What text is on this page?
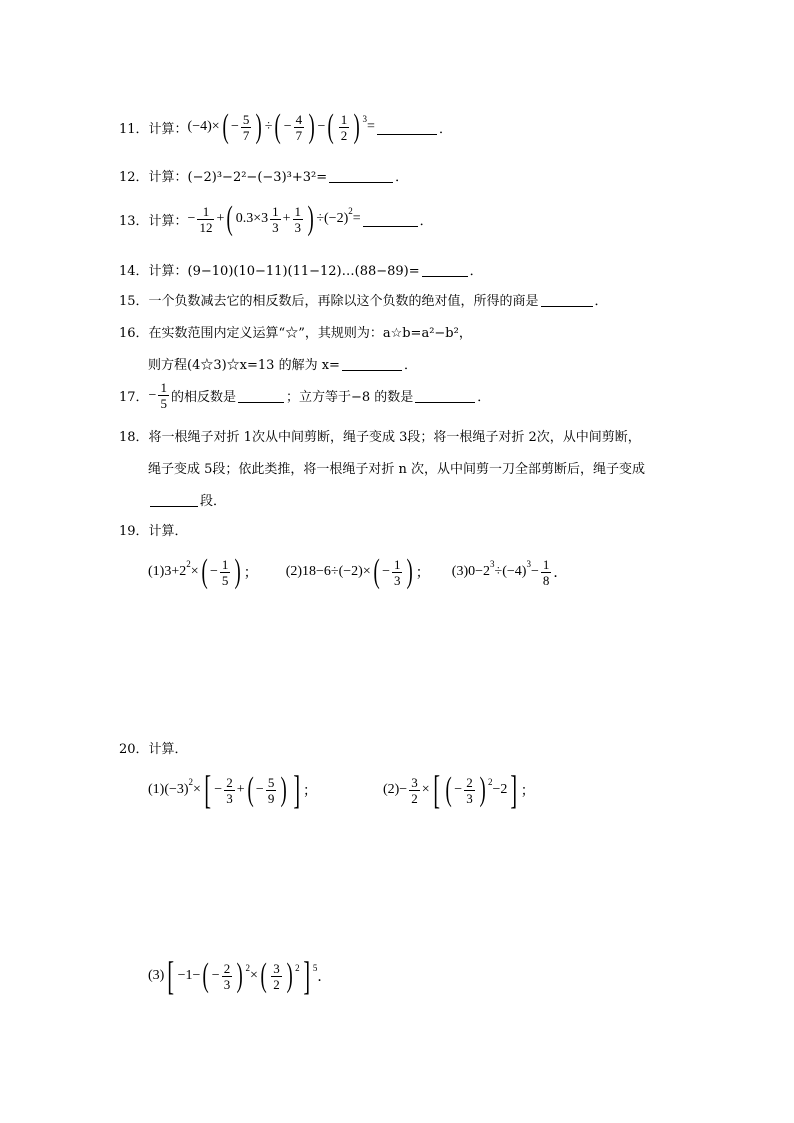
11．计算： (−4)× ( − $\frac{5}{7}$ ) ÷ ( − $\frac{4}{7}$ ) − ( $\frac{1}{2}$ ) $^3$ =	．
12．计算：(−2)³−2²−(−3)³+3²=	．
13．计算： − $\frac{1}{12}$ + ( $0.3\times 3 \frac{1}{3} + \frac{1}{3}$ ) $\div(-2)^2$ =	．
14．计算：(9−10)(10−11)(11−12)…(88−89)=	．
15．一个负数减去它的相反数后，再除以这个负数的绝对值，所得的商是	．
16．在实数范围内定义运算“☆”，其规则为：a☆b=a²−b²，
则方程(4☆3)☆x=13 的解为 x=	．
17． − $\frac{1}{5}$ 的相反数是	；立方等于−8 的数是	．
18．将一根绳子对折 1次从中间剪断，绳子变成 3段；将一根绳子对折 2次，从中间剪断，
绳子变成 5段；依此类推，将一根绳子对折 n 次，从中间剪一刀全部剪断后，绳子变成
段．
19．计算．
$(1)3+2^2$ × ( − $\frac{1}{5}$ ) ； (2)18−6÷(−2)× ( − $\frac{1}{3}$ ) ； $(3)0-2^3 \div(-4)^3 - \frac{1}{8}$ ．
20．计算．
$(1)(-3)^2$ × [ − $\frac{2}{3}$ + ( − $\frac{5}{9}$ ) ] ；	$(2)- \frac{3}{2}$ × [ ( − $\frac{2}{3}$ ) $^2$ −2 ] ；
(3) [ −1− ( − $\frac{2}{3}$ ) $^2$ × ( $\frac{3}{2}$ ) $^2$ ] $^5$
．
